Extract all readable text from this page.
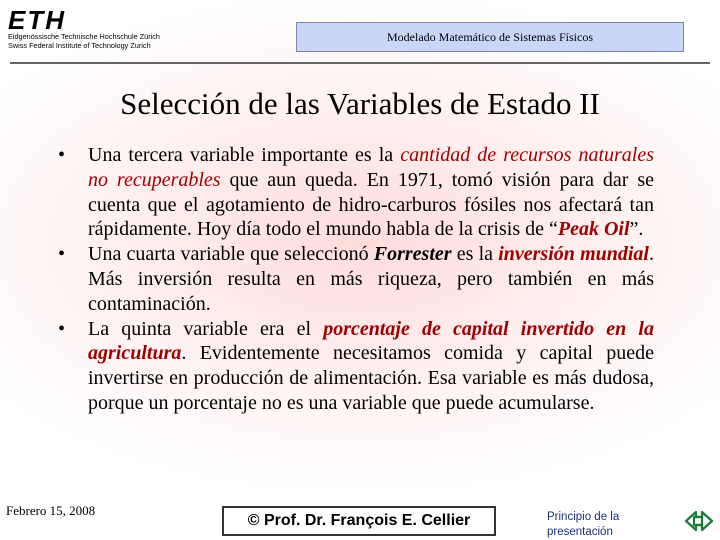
ETH
Eidgenössische Technische Hochschule Zürich
Swiss Federal Institute of Technology Zurich
Modelado Matemático de Sistemas Físicos
Selección de las Variables de Estado II
• Una tercera variable importante es la cantidad de recursos naturales no recuperables que aun queda. En 1971, tomó visión para dar se cuenta que el agotamiento de hidro-carburos fósiles nos afectará tan rápidamente. Hoy día todo el mundo habla de la crisis de “Peak Oil”.
• Una cuarta variable que seleccionó Forrester es la inversión mundial. Más inversión resulta en más riqueza, pero también en más contaminación.
• La quinta variable era el porcentaje de capital invertido en la agricultura. Evidentemente necesitamos comida y capital puede invertirse en producción de alimentación. Esa variable es más dudosa, porque un porcentaje no es una variable que puede acumularse.
Febrero 15, 2008
© Prof. Dr. François E. Cellier	Principio de la presentación
